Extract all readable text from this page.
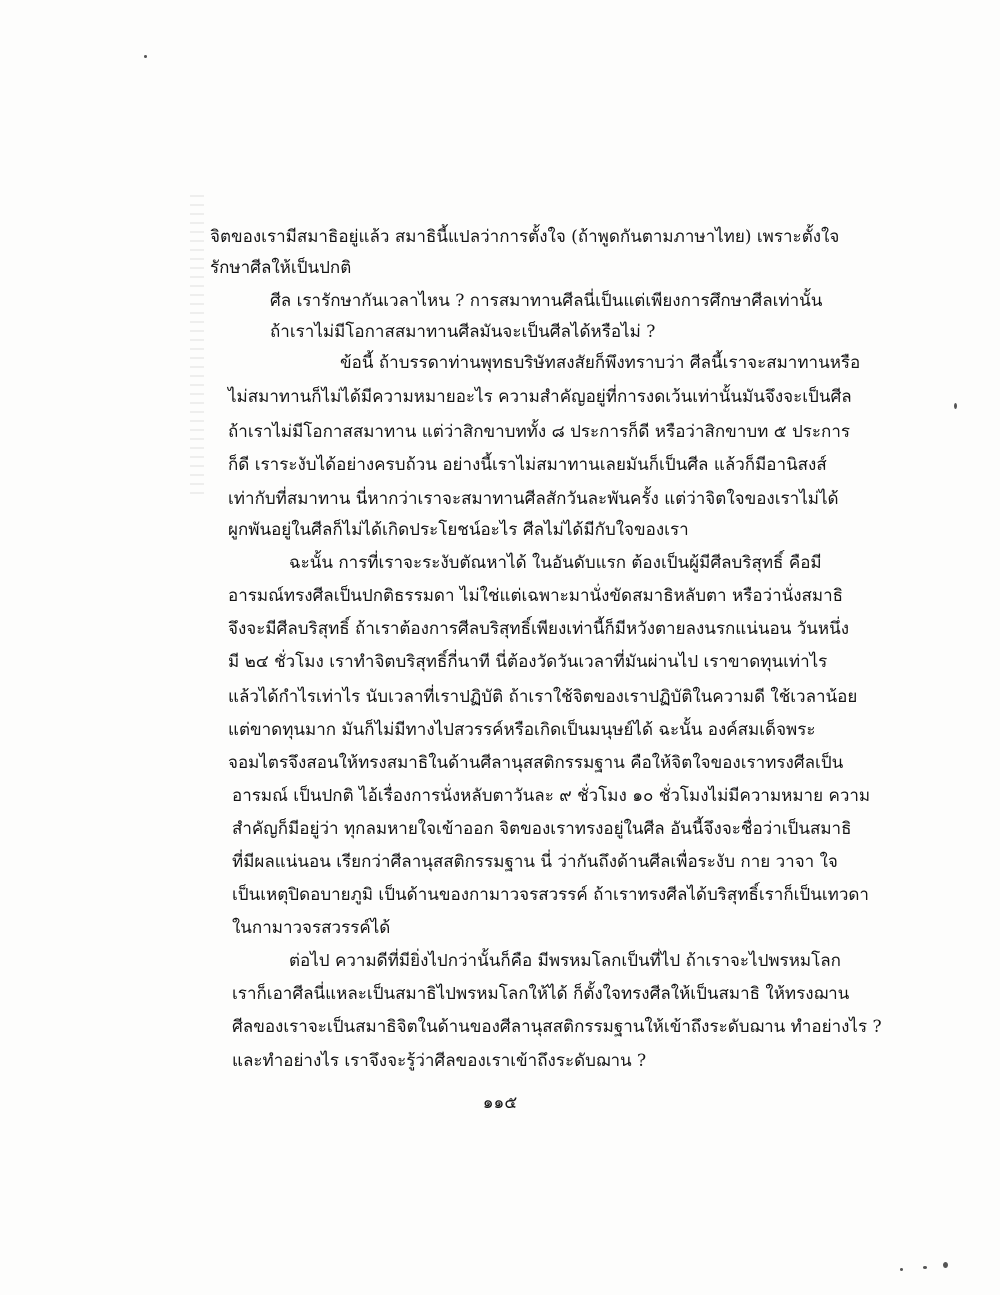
จิตของเรามีสมาธิอยู่แล้ว สมาธินี้แปลว่าการตั้งใจ (ถ้าพูดกันตามภาษาไทย) เพราะตั้งใจ
รักษาศีลให้เป็นปกติ
ศีล เรารักษากันเวลาไหน ? การสมาทานศีลนี่เป็นแต่เพียงการศึกษาศีลเท่านั้น
ถ้าเราไม่มีโอกาสสมาทานศีลมันจะเป็นศีลได้หรือไม่ ?
ข้อนี้ ถ้าบรรดาท่านพุทธบริษัทสงสัยก็พึงทราบว่า ศีลนี้เราจะสมาทานหรือ
ไม่สมาทานก็ไม่ได้มีความหมายอะไร ความสำคัญอยู่ที่การงดเว้นเท่านั้นมันจึงจะเป็นศีล
ถ้าเราไม่มีโอกาสสมาทาน แต่ว่าสิกขาบททั้ง ๘ ประการก็ดี หรือว่าสิกขาบท ๕ ประการ
ก็ดี เราระงับได้อย่างครบถ้วน อย่างนี้เราไม่สมาทานเลยมันก็เป็นศีล แล้วก็มีอานิสงส์
เท่ากับที่สมาทาน นี่หากว่าเราจะสมาทานศีลสักวันละพันครั้ง แต่ว่าจิตใจของเราไม่ได้
ผูกพันอยู่ในศีลก็ไม่ได้เกิดประโยชน์อะไร ศีลไม่ได้มีกับใจของเรา
ฉะนั้น การที่เราจะระงับตัณหาได้ ในอันดับแรก ต้องเป็นผู้มีศีลบริสุทธิ์ คือมี
อารมณ์ทรงศีลเป็นปกติธรรมดา ไม่ใช่แต่เฉพาะมานั่งขัดสมาธิหลับตา หรือว่านั่งสมาธิ
จึงจะมีศีลบริสุทธิ์ ถ้าเราต้องการศีลบริสุทธิ์เพียงเท่านี้ก็มีหวังตายลงนรกแน่นอน วันหนึ่ง
มี ๒๔ ชั่วโมง เราทำจิตบริสุทธิ์กี่นาที นี่ต้องวัดวันเวลาที่มันผ่านไป เราขาดทุนเท่าไร
แล้วได้กำไรเท่าไร นับเวลาที่เราปฏิบัติ ถ้าเราใช้จิตของเราปฏิบัติในความดี ใช้เวลาน้อย
แต่ขาดทุนมาก มันก็ไม่มีทางไปสวรรค์หรือเกิดเป็นมนุษย์ได้ ฉะนั้น องค์สมเด็จพระ
จอมไตรจึงสอนให้ทรงสมาธิในด้านศีลานุสสติกรรมฐาน คือให้จิตใจของเราทรงศีลเป็น
อารมณ์ เป็นปกติ ไอ้เรื่องการนั่งหลับตาวันละ ๙ ชั่วโมง ๑๐ ชั่วโมงไม่มีความหมาย ความ
สำคัญก็มีอยู่ว่า ทุกลมหายใจเข้าออก จิตของเราทรงอยู่ในศีล อันนี้จึงจะชื่อว่าเป็นสมาธิ
ที่มีผลแน่นอน เรียกว่าศีลานุสสติกรรมฐาน นี่ ว่ากันถึงด้านศีลเพื่อระงับ กาย วาจา ใจ
เป็นเหตุปิดอบายภูมิ เป็นด้านของกามาวจรสวรรค์ ถ้าเราทรงศีลได้บริสุทธิ์เราก็เป็นเทวดา
ในกามาวจรสวรรค์ได้
ต่อไป ความดีที่มียิ่งไปกว่านั้นก็คือ มีพรหมโลกเป็นที่ไป ถ้าเราจะไปพรหมโลก
เราก็เอาศีลนี่แหละเป็นสมาธิไปพรหมโลกให้ได้ ก็ตั้งใจทรงศีลให้เป็นสมาธิ ให้ทรงฌาน
ศีลของเราจะเป็นสมาธิจิตในด้านของศีลานุสสติกรรมฐานให้เข้าถึงระดับฌาน ทำอย่างไร ?
และทำอย่างไร เราจึงจะรู้ว่าศีลของเราเข้าถึงระดับฌาน ?
๑๑๕
